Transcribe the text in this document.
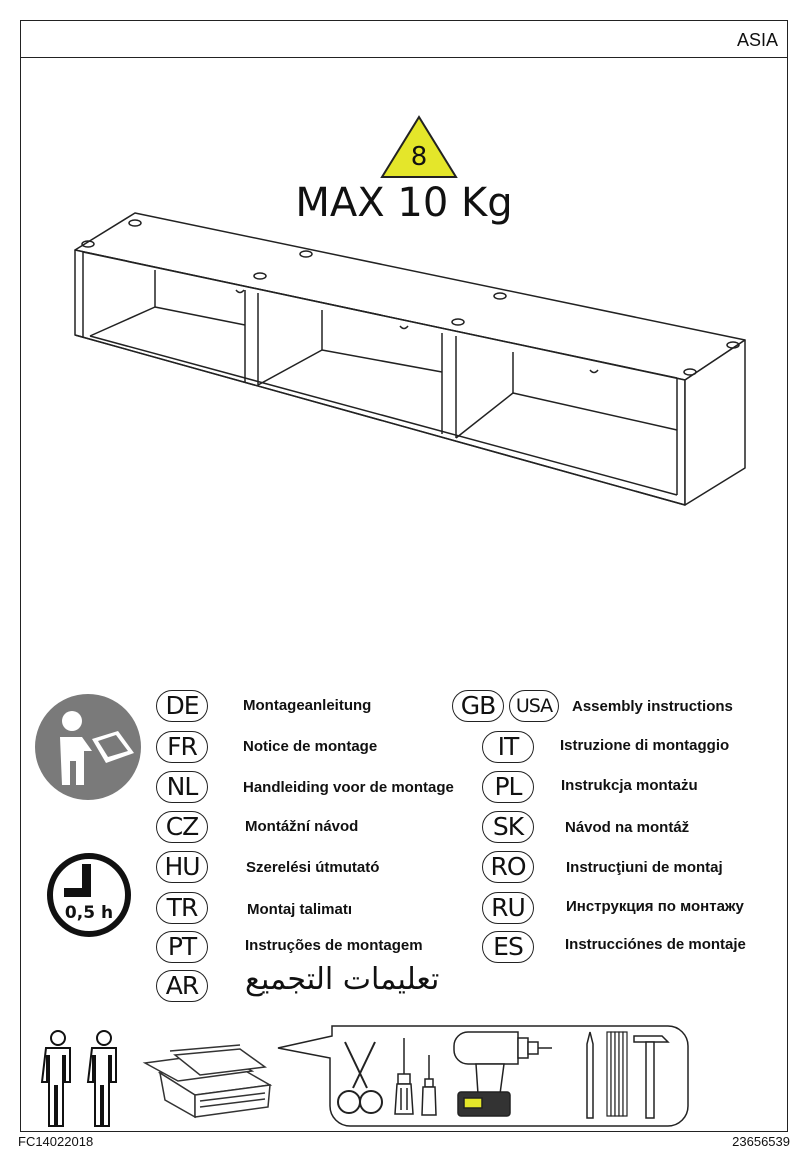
ASIA
8
MAX 10 Kg
0,5 h
DE	Montageanleitung
FR	Notice de montage
NL	Handleiding voor de montage
CZ	Montážní návod
HU	Szerelési útmutató
TR	Montaj talimatı
PT	Instruções de montagem
AR	تعليمات التجميع
GB	USA	Assembly instructions
IT	Istruzione di montaggio
PL	Instrukcja montażu
SK	Návod na montáž
RO	Instrucţiuni de montaj
RU	Инструкция по монтажу
ES	Instrucciónes de montaje
FC14022018	23656539
